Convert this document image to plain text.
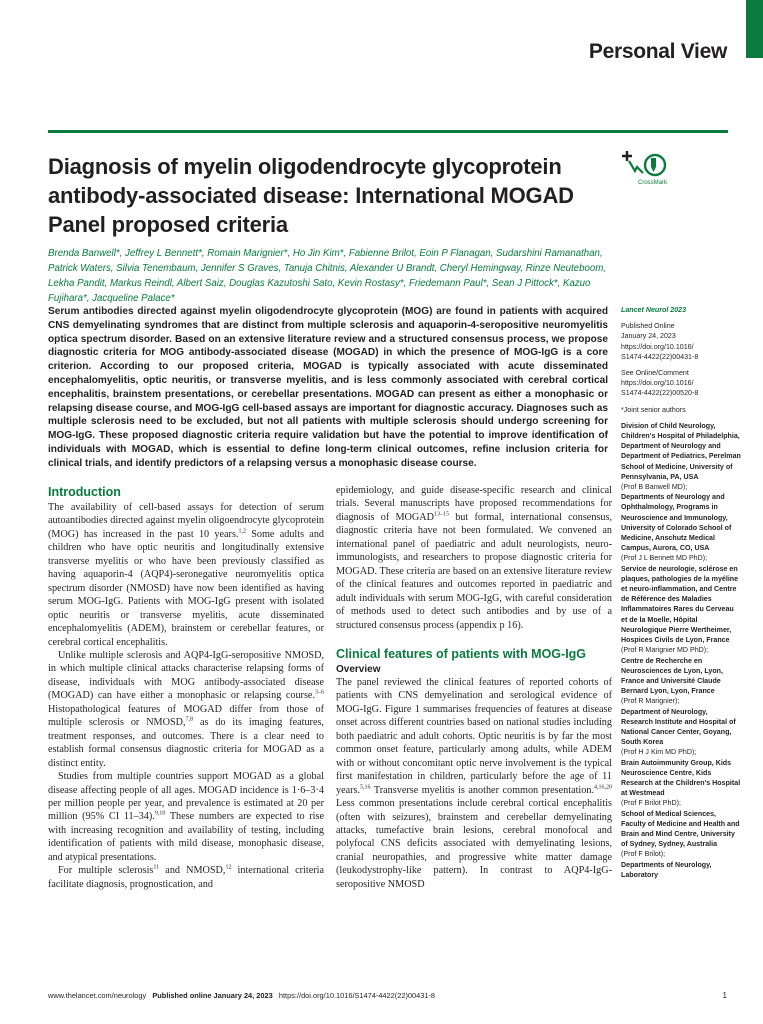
Personal View
Diagnosis of myelin oligodendrocyte glycoprotein antibody-associated disease: International MOGAD Panel proposed criteria
CrossMark
Brenda Banwell*, Jeffrey L Bennett*, Romain Marignier*, Ho Jin Kim*, Fabienne Brilot, Eoin P Flanagan, Sudarshini Ramanathan, Patrick Waters, Silvia Tenembaum, Jennifer S Graves, Tanuja Chitnis, Alexander U Brandt, Cheryl Hemingway, Rinze Neuteboom, Lekha Pandit, Markus Reindl, Albert Saiz, Douglas Kazutoshi Sato, Kevin Rostasy*, Friedemann Paul*, Sean J Pittock*, Kazuo Fujihara*, Jacqueline Palace*
Serum antibodies directed against myelin oligodendrocyte glycoprotein (MOG) are found in patients with acquired CNS demyelinating syndromes that are distinct from multiple sclerosis and aquaporin-4-seropositive neuromyelitis optica spectrum disorder. Based on an extensive literature review and a structured consensus process, we propose diagnostic criteria for MOG antibody-associated disease (MOGAD) in which the presence of MOG-IgG is a core criterion. According to our proposed criteria, MOGAD is typically associated with acute disseminated encephalomyelitis, optic neuritis, or transverse myelitis, and is less commonly associated with cerebral cortical encephalitis, brainstem presentations, or cerebellar presentations. MOGAD can present as either a monophasic or relapsing disease course, and MOG-IgG cell-based assays are important for diagnostic accuracy. Diagnoses such as multiple sclerosis need to be excluded, but not all patients with multiple sclerosis should undergo screening for MOG-IgG. These proposed diagnostic criteria require validation but have the potential to improve identification of individuals with MOGAD, which is essential to define long-term clinical outcomes, refine inclusion criteria for clinical trials, and identify predictors of a relapsing versus a monophasic disease course.
Introduction

The availability of cell-based assays for detection of serum autoantibodies directed against myelin oligoendrocyte glycoprotein (MOG) has increased in the past 10 years.$^{1,2}$ Some adults and children who have optic neuritis and longitudinally extensive transverse myelitis or who have been previously classified as having aquaporin-4 (AQP4)-seronegative neuromyelitis optica spectrum disorder (NMOSD) have now been identified as having serum MOG-IgG. Patients with MOG-IgG present with isolated optic neuritis or transverse myelitis, acute disseminated encephalomyelitis (ADEM), brainstem or cerebellar features, or cerebral cortical encephalitis.

Unlike multiple sclerosis and AQP4-IgG-seropositive NMOSD, in which multiple clinical attacks characterise relapsing forms of disease, individuals with MOG antibody-associated disease (MOGAD) can have either a monophasic or relapsing course.$^{3-6}$ Histopathological features of MOGAD differ from those of multiple sclerosis or NMOSD,$^{7,8}$ as do its imaging features, treatment responses, and outcomes. There is a clear need to establish formal consensus diagnostic criteria for MOGAD as a distinct entity.

Studies from multiple countries support MOGAD as a global disease affecting people of all ages. MOGAD incidence is 1·6–3·4 per million people per year, and prevalence is estimated at 20 per million (95% CI 11–34).$^{9,10}$ These numbers are expected to rise with increasing recognition and availability of testing, including identification of patients with mild disease, monophasic disease, and atypical presentations.

For multiple sclerosis$^{11}$ and NMOSD,$^{12}$ international criteria facilitate diagnosis, prognostication, and

epidemiology, and guide disease-specific research and clinical trials. Several manuscripts have proposed recommendations for diagnosis of MOGAD$^{13-15}$ but formal, international consensus, diagnostic criteria have not been formulated. We convened an international panel of paediatric and adult neurologists, neuroimmunologists, and researchers to propose diagnostic criteria for MOGAD. These criteria are based on an extensive literature review of the clinical features and outcomes reported in paediatric and adult individuals with serum MOG-IgG, with careful consideration of methods used to detect such antibodies and by use of a structured consensus process (appendix p 16).

Clinical features of patients with MOG-IgG
Overview

The panel reviewed the clinical features of reported cohorts of patients with CNS demyelination and serological evidence of MOG-IgG. Figure 1 summarises frequencies of features at disease onset across different countries based on national studies including both paediatric and adult cohorts. Optic neuritis is by far the most common onset feature, particularly among adults, while ADEM with or without concomitant optic nerve involvement is the typical first manifestation in children, particularly before the age of 11 years.$^{5,16}$ Transverse myelitis is another common presentation.$^{4,16,20}$ Less common presentations include cerebral cortical encephalitis (often with seizures), brainstem and cerebellar demyelinating attacks, tumefactive brain lesions, cerebral monofocal and polyfocal CNS deficits associated with demyelinating lesions, cranial neuropathies, and progressive white matter damage (leukodystrophy-like pattern). In contrast to AQP4-IgG-seropositive NMOSD

Lancet Neurol 2023
Published Online
January 24, 2023
https://doi.org/10.1016/
S1474-4422(22)00431-8
See Online/Comment
https://doi.org/10.1016/
S1474-4422(22)00520-8
*Joint senior authors
Division of Child Neurology, Children's Hospital of Philadelphia, Department of Neurology and Department of Pediatrics, Perelman School of Medicine, University of Pennsylvania, PA, USA
(Prof B Banwell MD);
Departments of Neurology and Ophthalmology, Programs in Neuroscience and Immunology, University of Colorado School of Medicine, Anschutz Medical Campus, Aurora, CO, USA
(Prof J L Bennett MD PhD);
Service de neurologie, sclérose en plaques, pathologies de la myéline et neuro-inflammation, and Centre de Référence des Maladies Inflammatoires Rares du Cerveau et de la Moelle, Hôpital Neurologique Pierre Wertheimer, Hospices Civils de Lyon, France
(Prof R Marignier MD PhD);
Centre de Recherche en Neurosciences de Lyon, Lyon, France and Université Claude Bernard Lyon, Lyon, France
(Prof R Marignier);
Department of Neurology, Research Institute and Hospital of National Cancer Center, Goyang, South Korea
(Prof H J Kim MD PhD);
Brain Autoimmunity Group, Kids Neuroscience Centre, Kids Research at the Children's Hospital at Westmead
(Prof F Brilot PhD);
School of Medical Sciences, Faculty of Medicine and Health and Brain and Mind Centre, University of Sydney, Sydney, Australia
(Prof F Brilot);
Departments of Neurology, Laboratory
www.thelancet.com/neurology Published online January 24, 2023 https://doi.org/10.1016/S1474-4422(22)00431-8	1
